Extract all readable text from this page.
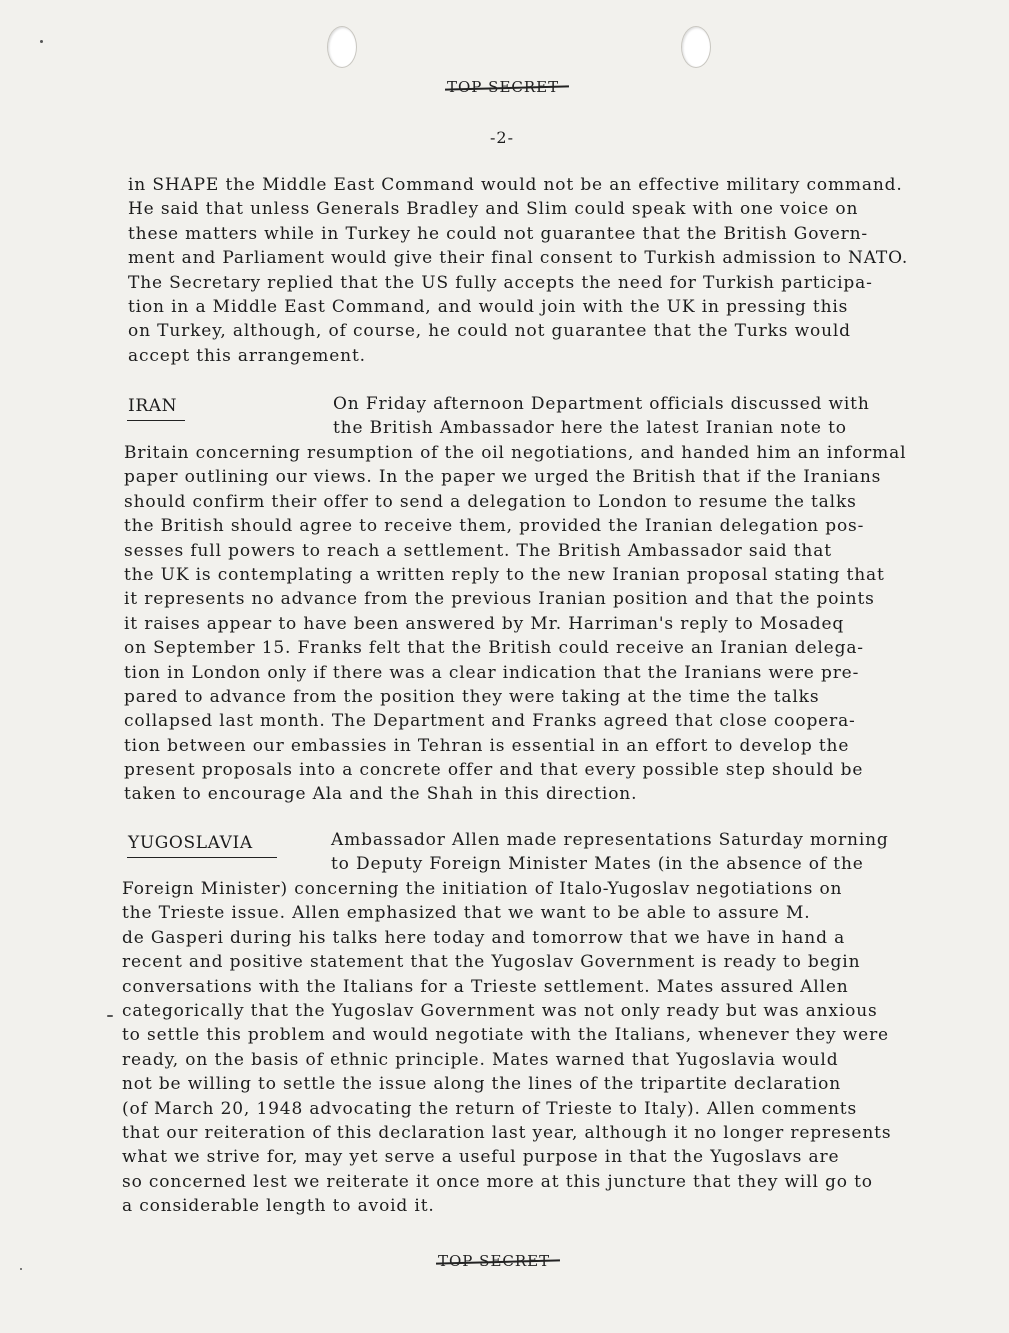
TOP SECRET
-2-
in SHAPE the Middle East Command would not be an effective military command.
He said that unless Generals Bradley and Slim could speak with one voice on
these matters while in Turkey he could not guarantee that the British Govern-
ment and Parliament would give their final consent to Turkish admission to NATO.
The Secretary replied that the US fully accepts the need for Turkish participa-
tion in a Middle East Command, and would join with the UK in pressing this
on Turkey, although, of course, he could not guarantee that the Turks would
accept this arrangement.
IRAN	On Friday afternoon Department officials discussed with
the British Ambassador here the latest Iranian note to
Britain concerning resumption of the oil negotiations, and handed him an informal
paper outlining our views. In the paper we urged the British that if the Iranians
should confirm their offer to send a delegation to London to resume the talks
the British should agree to receive them, provided the Iranian delegation pos-
sesses full powers to reach a settlement. The British Ambassador said that
the UK is contemplating a written reply to the new Iranian proposal stating that
it represents no advance from the previous Iranian position and that the points
it raises appear to have been answered by Mr. Harriman's reply to Mosadeq
on September 15. Franks felt that the British could receive an Iranian delega-
tion in London only if there was a clear indication that the Iranians were pre-
pared to advance from the position they were taking at the time the talks
collapsed last month. The Department and Franks agreed that close coopera-
tion between our embassies in Tehran is essential in an effort to develop the
present proposals into a concrete offer and that every possible step should be
taken to encourage Ala and the Shah in this direction.
YUGOSLAVIA	Ambassador Allen made representations Saturday morning
to Deputy Foreign Minister Mates (in the absence of the
Foreign Minister) concerning the initiation of Italo-Yugoslav negotiations on
the Trieste issue. Allen emphasized that we want to be able to assure M.
de Gasperi during his talks here today and tomorrow that we have in hand a
recent and positive statement that the Yugoslav Government is ready to begin
conversations with the Italians for a Trieste settlement. Mates assured Allen
categorically that the Yugoslav Government was not only ready but was anxious
to settle this problem and would negotiate with the Italians, whenever they were
ready, on the basis of ethnic principle. Mates warned that Yugoslavia would
not be willing to settle the issue along the lines of the tripartite declaration
(of March 20, 1948 advocating the return of Trieste to Italy). Allen comments
that our reiteration of this declaration last year, although it no longer represents
what we strive for, may yet serve a useful purpose in that the Yugoslavs are
so concerned lest we reiterate it once more at this juncture that they will go to
a considerable length to avoid it.
TOP SECRET
